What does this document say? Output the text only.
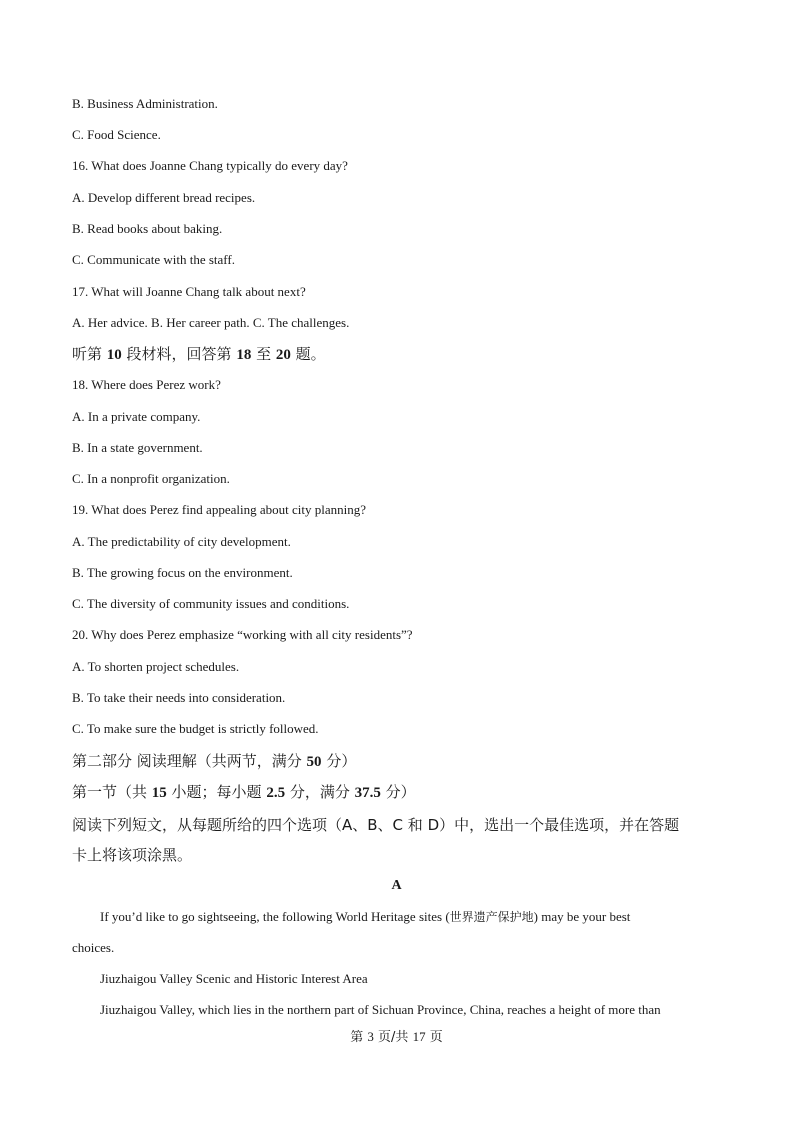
B. Business Administration.
C. Food Science.
16. What does Joanne Chang typically do every day?
A. Develop different bread recipes.
B. Read books about baking.
C. Communicate with the staff.
17. What will Joanne Chang talk about next?
A. Her advice. B. Her career path. C. The challenges.
听第 10 段材料，回答第 18 至 20 题。
18. Where does Perez work?
A. In a private company.
B. In a state government.
C. In a nonprofit organization.
19. What does Perez find appealing about city planning?
A. The predictability of city development.
B. The growing focus on the environment.
C. The diversity of community issues and conditions.
20. Why does Perez emphasize “working with all city residents”?
A. To shorten project schedules.
B. To take their needs into consideration.
C. To make sure the budget is strictly followed.
第二部分 阅读理解（共两节，满分 50 分）
第一节（共 15 小题；每小题 2.5 分，满分 37.5 分）
阅读下列短文，从每题所给的四个选项（A、B、C 和 D）中，选出一个最佳选项，并在答题
卡上将该项涂黑。
A
If you’d like to go sightseeing, the following World Heritage sites (世界遗产保护地) may be your best
choices.
Jiuzhaigou Valley Scenic and Historic Interest Area
Jiuzhaigou Valley, which lies in the northern part of Sichuan Province, China, reaches a height of more than
第 3 页/共 17 页
